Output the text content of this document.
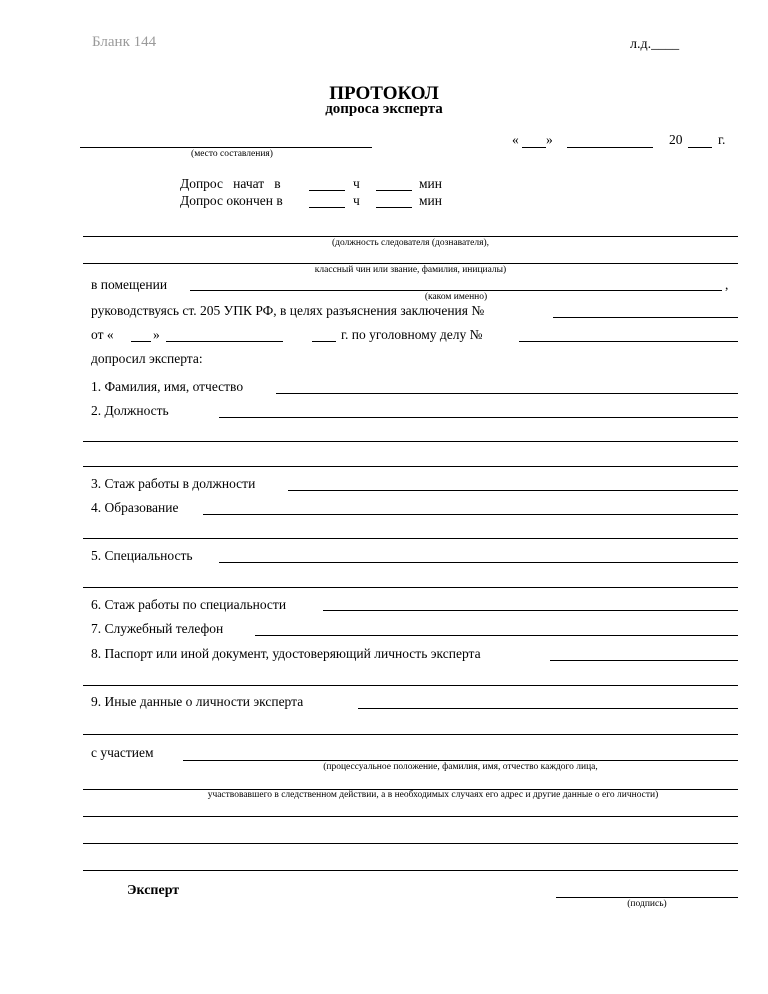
Бланк 144	л.д.____
ПРОТОКОЛ
допроса эксперта
(место составления)
« »	20	г.
Допрос   начат   в	ч	мин
Допрос окончен в	ч	мин
(должность следователя (дознавателя),
классный чин или звание, фамилия, инициалы)
в помещении	,
(каком именно)
руководствуясь ст. 205 УПК РФ, в целях разъяснения заключения №
от «	»	г. по уголовному делу №
допросил эксперта:
1. Фамилия, имя, отчество
2. Должность
3. Стаж работы в должности
4. Образование
5. Специальность
6. Стаж работы по специальности
7. Служебный телефон
8. Паспорт или иной документ, удостоверяющий личность эксперта
9. Иные данные о личности эксперта
с участием
(процессуальное положение, фамилия, имя, отчество каждого лица,
участвовавшего в следственном действии, а в необходимых случаях его адрес и другие данные о его личности)
Эксперт
(подпись)
